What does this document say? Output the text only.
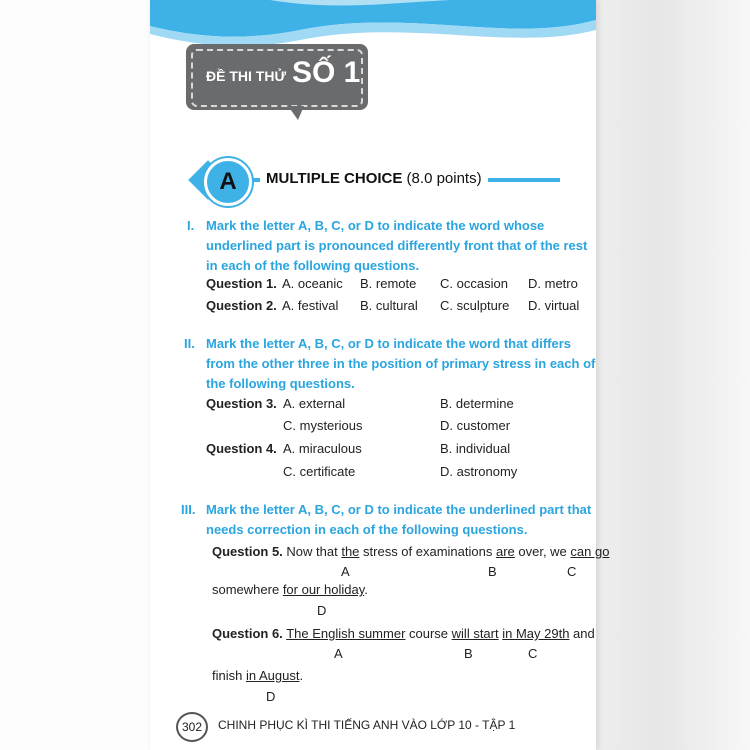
ĐỀ THI THỬ SỐ 1
A	MULTIPLE CHOICE (8.0 points)
I. Mark the letter A, B, C, or D to indicate the word whose
underlined part is pronounced differently front that of the rest
in each of the following questions.
Question 1. A. oceanic B. remote C. occasion D. metro
Question 2. A. festival B. cultural C. sculpture D. virtual
II. Mark the letter A, B, C, or D to indicate the word that differs
from the other three in the position of primary stress in each of
the following questions.
Question 3. A. external	B. determine
C. mysterious	D. customer
Question 4. A. miraculous	B. individual
C. certificate	D. astronomy
III. Mark the letter A, B, C, or D to indicate the underlined part that
needs correction in each of the following questions.
Question 5. Now that the stress of examinations are over, we can go
A	B	C
somewhere for our holiday.
D
Question 6. The English summer course will start in May 29th and
A	B	C
finish in August.
D
302	CHINH PHỤC KÌ THI TIẾNG ANH VÀO LỚP 10 - TẬP 1
